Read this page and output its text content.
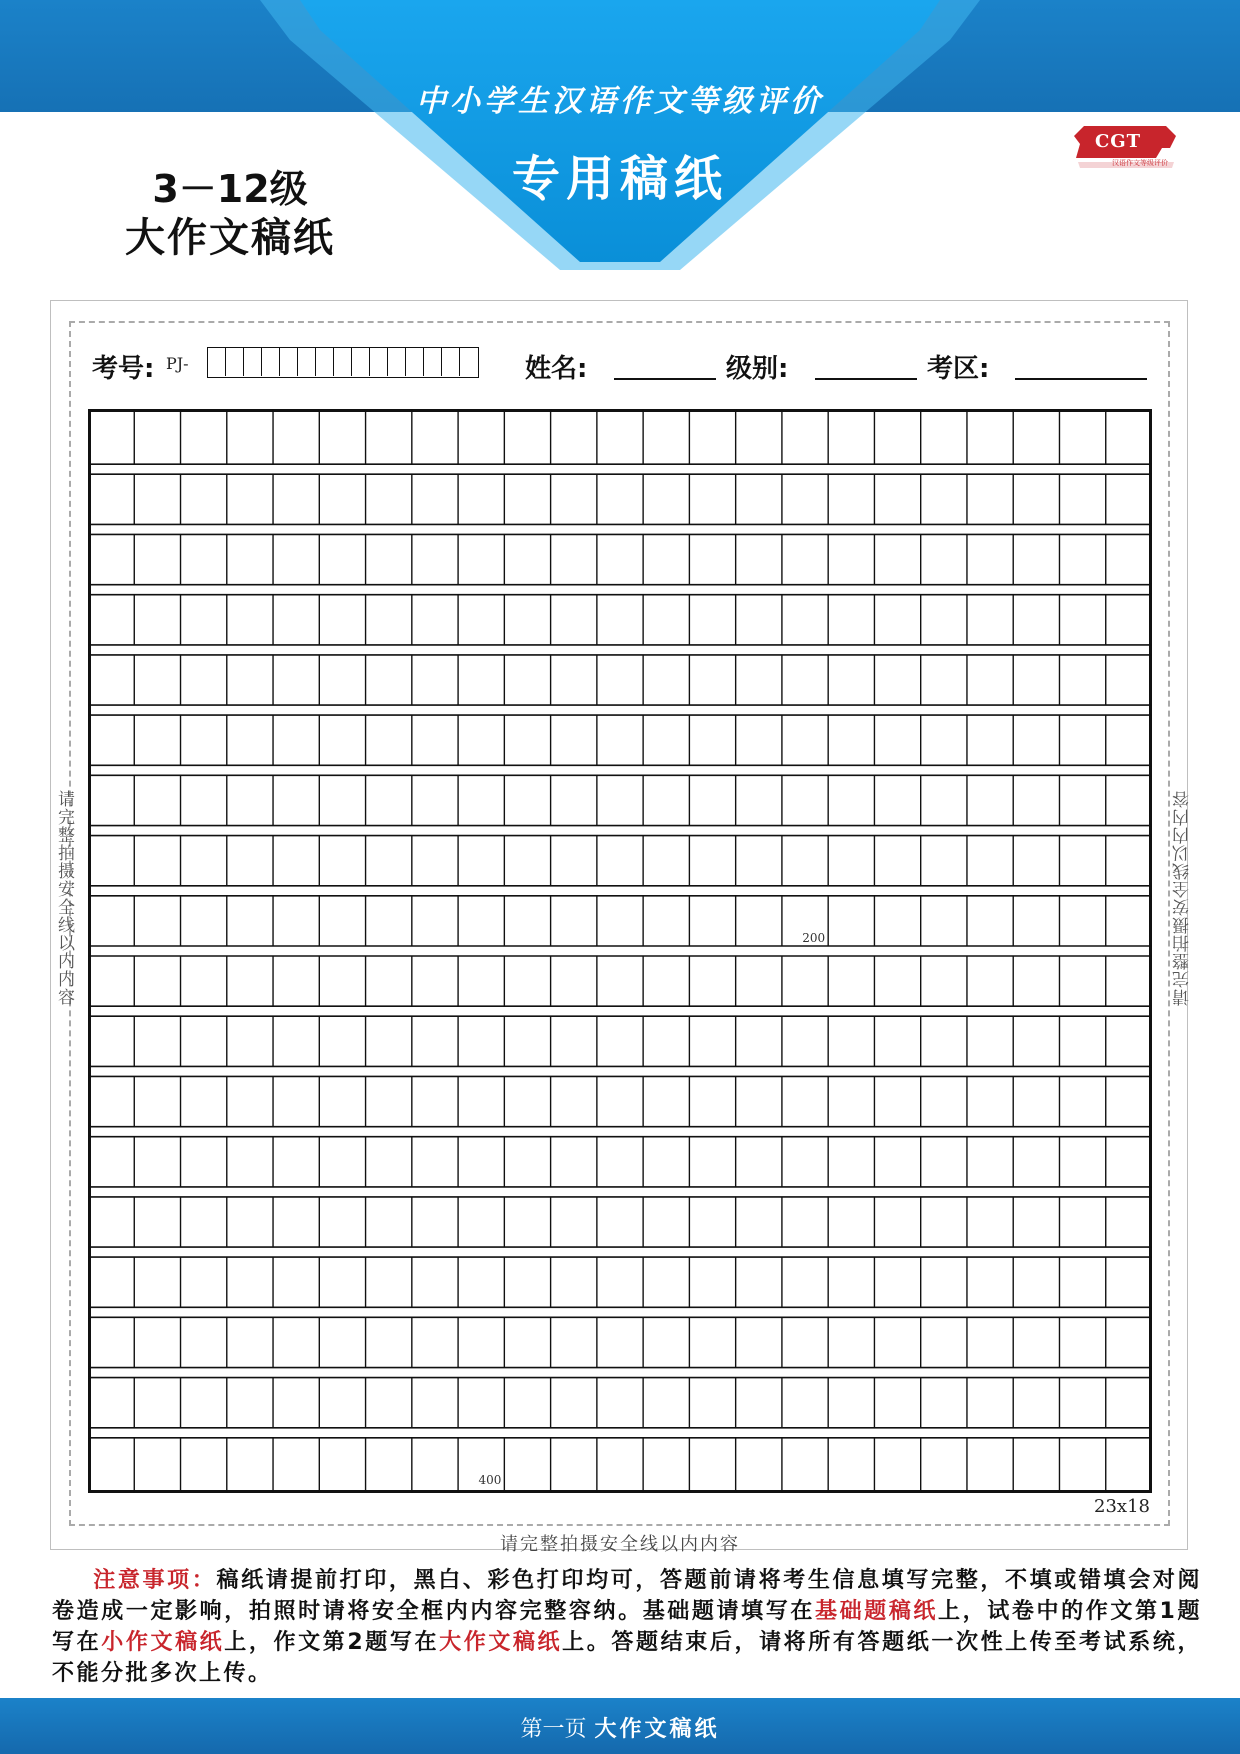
中小学生汉语作文等级评价
专用稿纸
3－12级
大作文稿纸
CGT
汉语作文等级评价
考号: PJ-	姓名:	级别:	考区:
200
400
23x18
请完整拍摄安全线以内内容	请完整拍摄安全线以内内容
请完整拍摄安全线以内内容
注意事项：稿纸请提前打印，黑白、彩色打印均可，答题前请将考生信息填写完整，不填或错填会对阅卷造成一定影响，拍照时请将安全框内内容完整容纳。基础题请填写在基础题稿纸上，试卷中的作文第1题写在小作文稿纸上，作文第2题写在大作文稿纸上。答题结束后，请将所有答题纸一次性上传至考试系统，不能分批多次上传。
第一页 大作文稿纸
